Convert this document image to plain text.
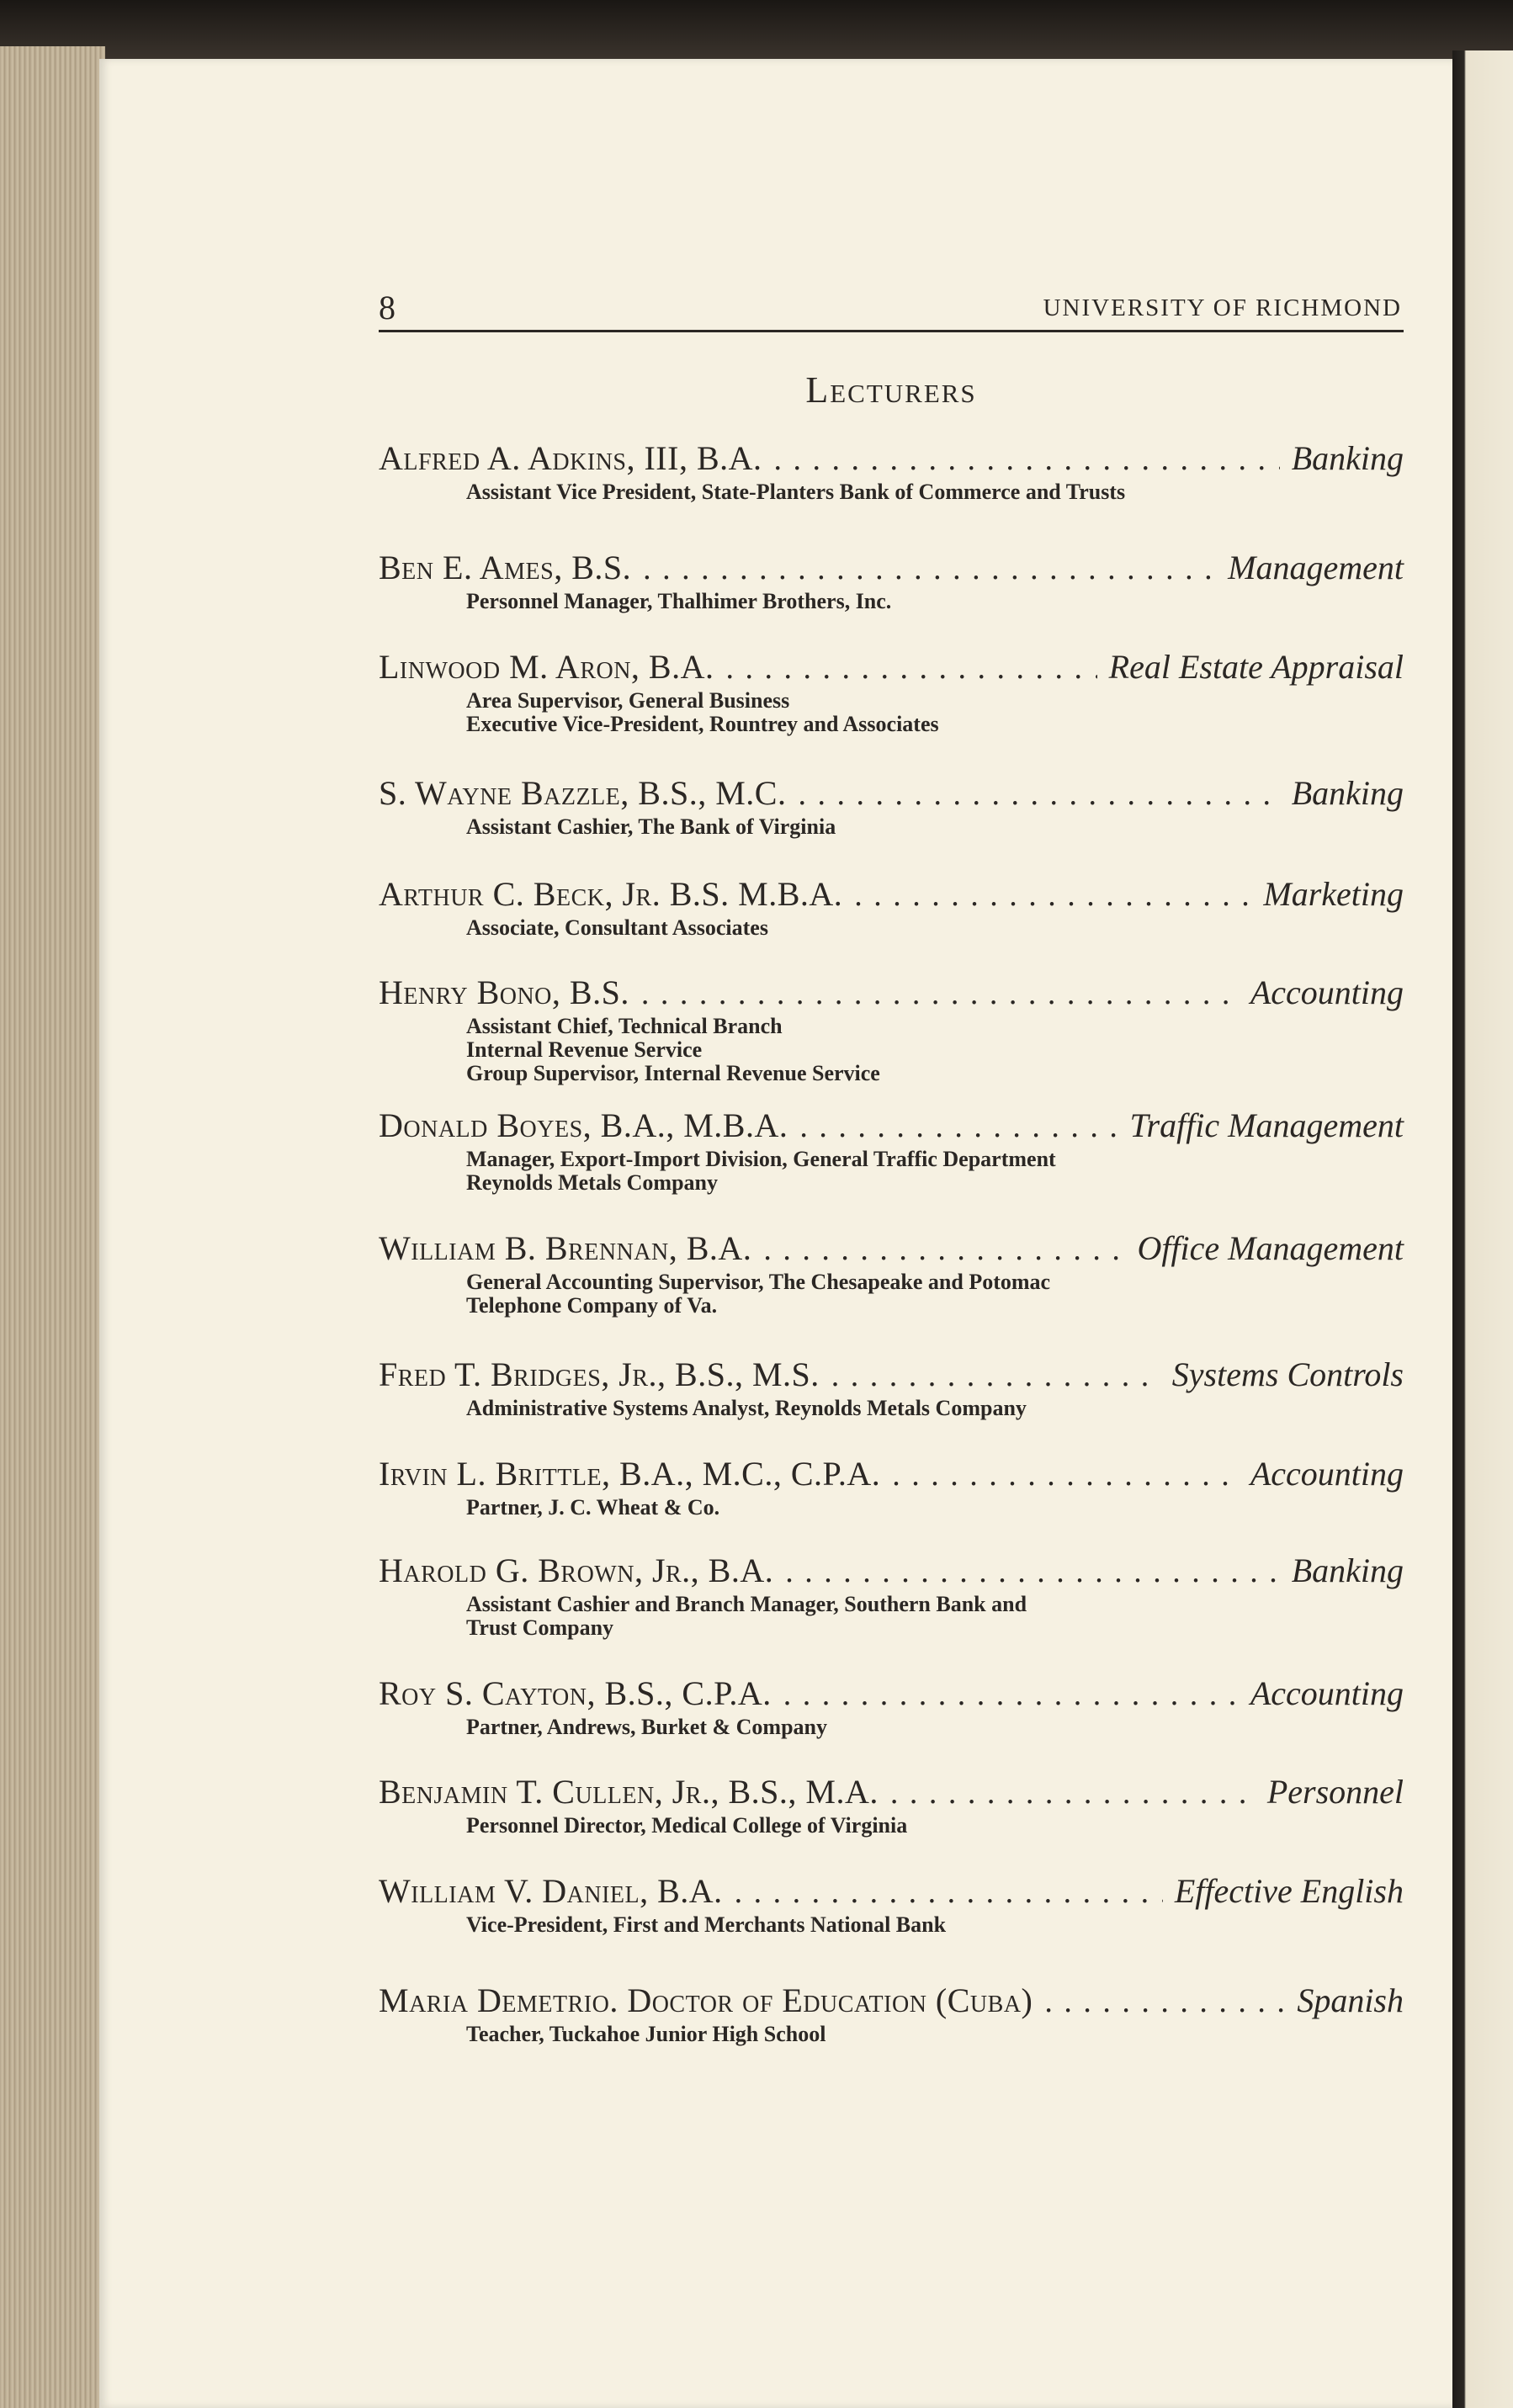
8	UNIVERSITY OF RICHMOND
Lecturers
Alfred A. Adkins, III, B.A. . . .	Banking
Assistant Vice President, State-Planters Bank of Commerce and Trusts
Ben E. Ames, B.S. . . .	Management
Personnel Manager, Thalhimer Brothers, Inc.
Linwood M. Aron, B.A. . . .	Real Estate Appraisal
Area Supervisor, General Business
Executive Vice-President, Rountrey and Associates
S. Wayne Bazzle, B.S., M.C. . . .	Banking
Assistant Cashier, The Bank of Virginia
Arthur C. Beck, Jr. B.S. M.B.A. . . .	Marketing
Associate, Consultant Associates
Henry Bono, B.S. . . .	Accounting
Assistant Chief, Technical Branch
Internal Revenue Service
Group Supervisor, Internal Revenue Service
Donald Boyes, B.A., M.B.A. . . .	Traffic Management
Manager, Export-Import Division, General Traffic Department
Reynolds Metals Company
William B. Brennan, B.A. . . .	Office Management
General Accounting Supervisor, The Chesapeake and Potomac
Telephone Company of Va.
Fred T. Bridges, Jr., B.S., M.S. . . .	Systems Controls
Administrative Systems Analyst, Reynolds Metals Company
Irvin L. Brittle, B.A., M.C., C.P.A. . . .	Accounting
Partner, J. C. Wheat & Co.
Harold G. Brown, Jr., B.A. . . .	Banking
Assistant Cashier and Branch Manager, Southern Bank and
Trust Company
Roy S. Cayton, B.S., C.P.A. . . .	Accounting
Partner, Andrews, Burket & Company
Benjamin T. Cullen, Jr., B.S., M.A. . . .	Personnel
Personnel Director, Medical College of Virginia
William V. Daniel, B.A. . . .	Effective English
Vice-President, First and Merchants National Bank
Maria Demetrio. Doctor of Education (Cuba) . . .	Spanish
Teacher, Tuckahoe Junior High School
